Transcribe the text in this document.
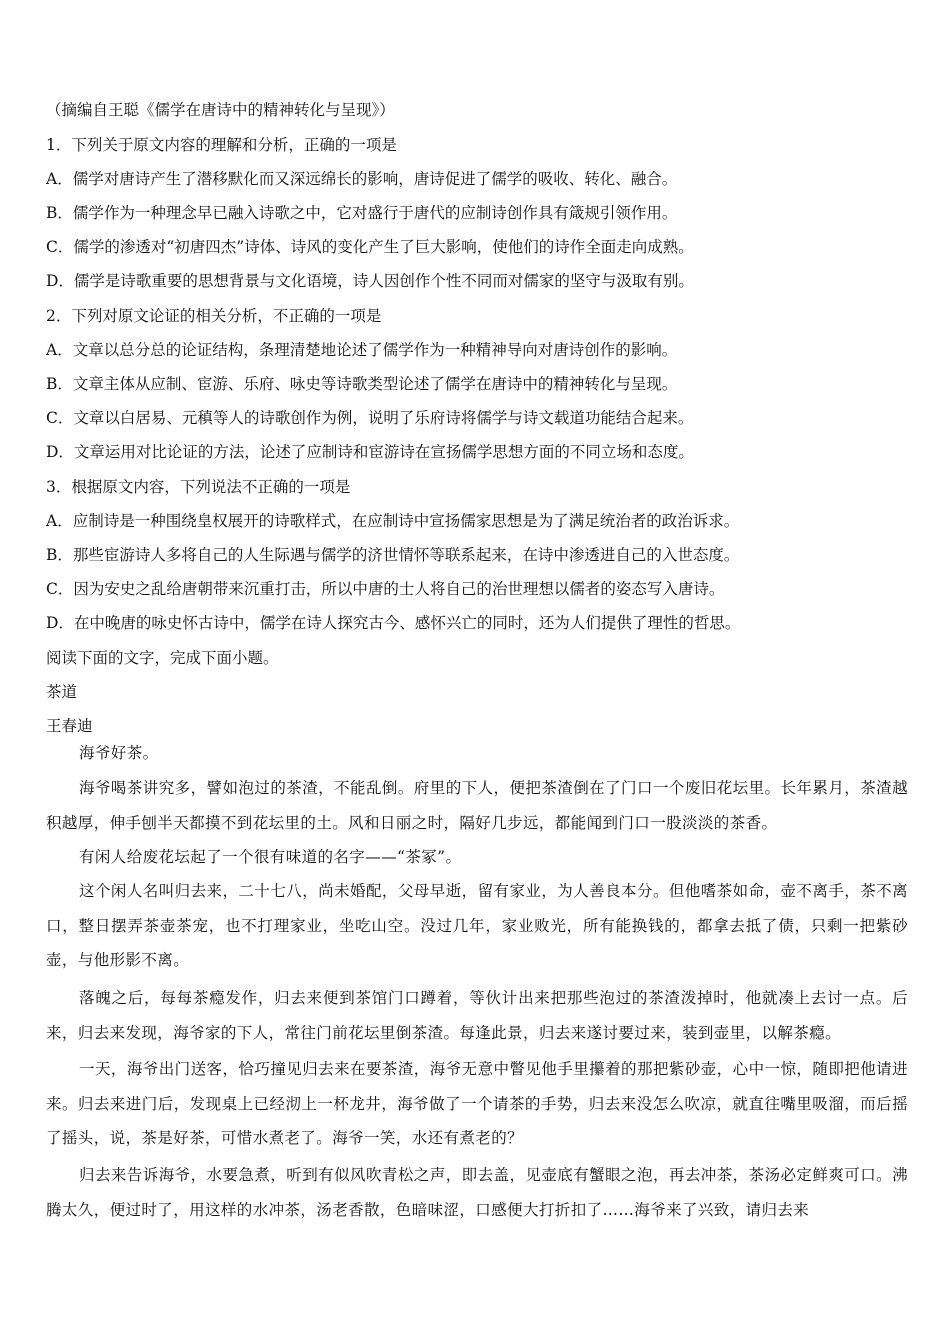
（摘编自王聪《儒学在唐诗中的精神转化与呈现》）
1．下列关于原文内容的理解和分析，正确的一项是
A．儒学对唐诗产生了潜移默化而又深远绵长的影响，唐诗促进了儒学的吸收、转化、融合。
B．儒学作为一种理念早已融入诗歌之中，它对盛行于唐代的应制诗创作具有箴规引领作用。
C．儒学的渗透对“初唐四杰”诗体、诗风的变化产生了巨大影响，使他们的诗作全面走向成熟。
D．儒学是诗歌重要的思想背景与文化语境，诗人因创作个性不同而对儒家的坚守与汲取有别。
2．下列对原文论证的相关分析，不正确的一项是
A．文章以总分总的论证结构，条理清楚地论述了儒学作为一种精神导向对唐诗创作的影响。
B．文章主体从应制、宦游、乐府、咏史等诗歌类型论述了儒学在唐诗中的精神转化与呈现。
C．文章以白居易、元稹等人的诗歌创作为例，说明了乐府诗将儒学与诗文载道功能结合起来。
D．文章运用对比论证的方法，论述了应制诗和宦游诗在宣扬儒学思想方面的不同立场和态度。
3．根据原文内容，下列说法不正确的一项是
A．应制诗是一种围绕皇权展开的诗歌样式，在应制诗中宣扬儒家思想是为了满足统治者的政治诉求。
B．那些宦游诗人多将自己的人生际遇与儒学的济世情怀等联系起来，在诗中渗透进自己的入世态度。
C．因为安史之乱给唐朝带来沉重打击，所以中唐的士人将自己的治世理想以儒者的姿态写入唐诗。
D．在中晚唐的咏史怀古诗中，儒学在诗人探究古今、感怀兴亡的同时，还为人们提供了理性的哲思。
阅读下面的文字，完成下面小题。
茶道
王春迪

海爷好茶。

海爷喝茶讲究多，譬如泡过的茶渣，不能乱倒。府里的下人，便把茶渣倒在了门口一个废旧花坛里。长年累月，茶渣越积越厚，伸手刨半天都摸不到花坛里的土。风和日丽之时，隔好几步远，都能闻到门口一股淡淡的茶香。

有闲人给废花坛起了一个很有味道的名字——“茶冢”。

这个闲人名叫归去来，二十七八，尚未婚配，父母早逝，留有家业，为人善良本分。但他嗜茶如命，壶不离手，茶不离口，整日摆弄茶壶茶宠，也不打理家业，坐吃山空。没过几年，家业败光，所有能换钱的，都拿去抵了债，只剩一把紫砂壶，与他形影不离。

落魄之后，每每茶瘾发作，归去来便到茶馆门口蹲着，等伙计出来把那些泡过的茶渣泼掉时，他就凑上去讨一点。后来，归去来发现，海爷家的下人，常往门前花坛里倒茶渣。每逢此景，归去来遂讨要过来，装到壶里，以解茶瘾。

一天，海爷出门送客，恰巧撞见归去来在要茶渣，海爷无意中瞥见他手里攥着的那把紫砂壶，心中一惊，随即把他请进来。归去来进门后，发现桌上已经沏上一杯龙井，海爷做了一个请茶的手势，归去来没怎么吹凉，就直往嘴里吸溜，而后摇了摇头，说，茶是好茶，可惜水煮老了。海爷一笑，水还有煮老的？

归去来告诉海爷，水要急煮，听到有似风吹青松之声，即去盖，见壶底有蟹眼之泡，再去冲茶，茶汤必定鲜爽可口。沸腾太久，便过时了，用这样的水冲茶，汤老香散，色暗味涩，口感便大打折扣了……海爷来了兴致，请归去来
